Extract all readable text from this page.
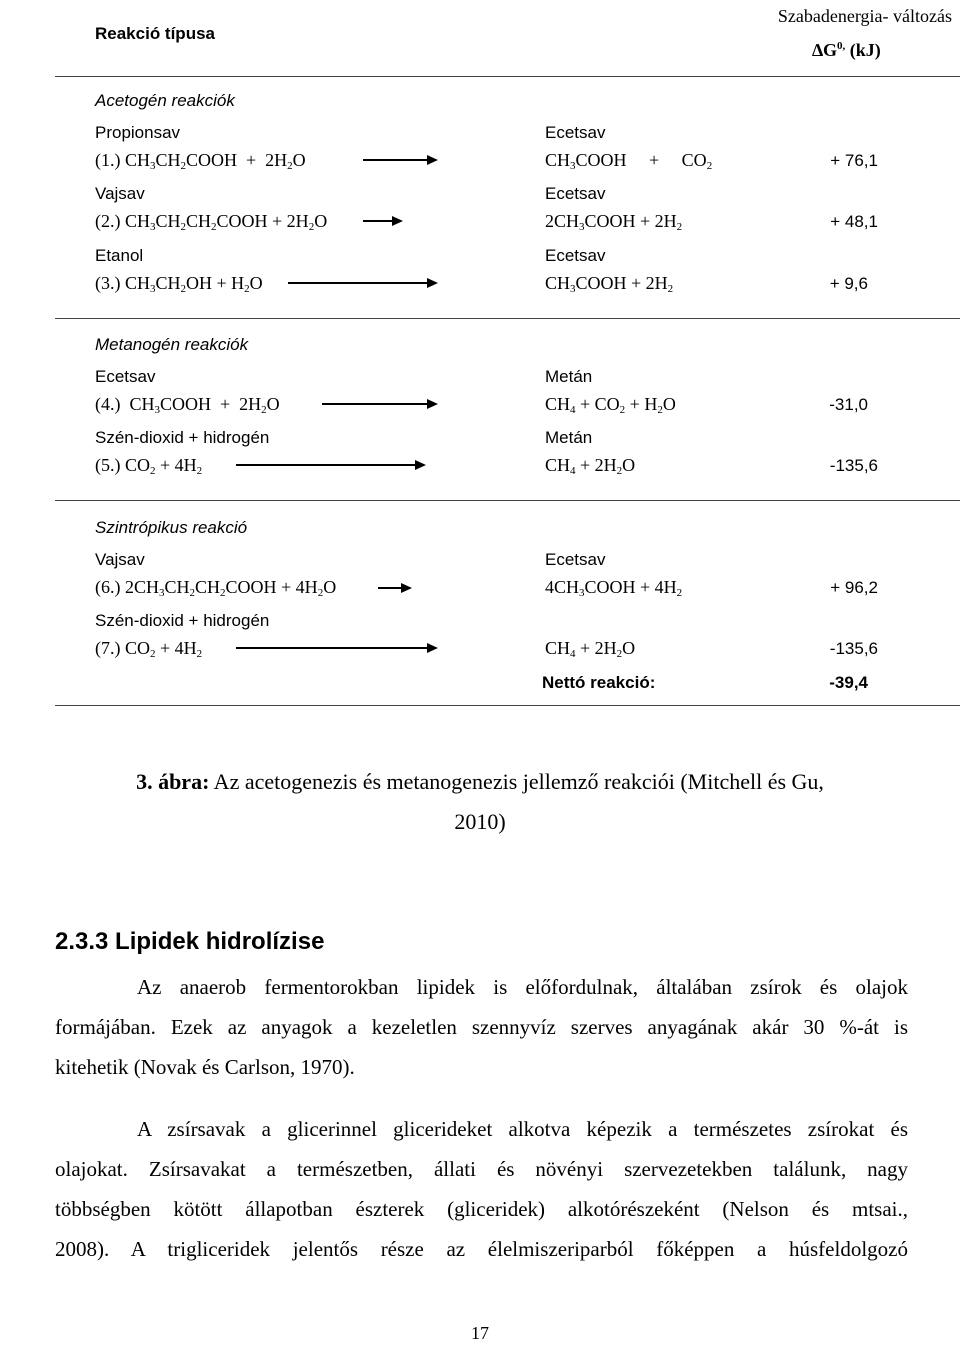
Reakció típusa
Szabadenergia- változás
$\Delta G^{0,}$ (kJ)
Acetogén reakciók
Propionsav	Ecetsav
(1.) $CH_3CH_2COOH + 2H_2O$	$CH_3COOH$     +     $CO_2$	+ 76,1
Vajsav	Ecetsav
(2.) $CH_3CH_2CH_2COOH + 2H_2O$	$2CH_3COOH + 2H_2$	+ 48,1
Etanol	Ecetsav
(3.) $CH_3CH_2OH + H_2O$	$CH_3COOH + 2H_2$	+ 9,6
Metanogén reakciók
Ecetsav	Metán
(4.)  $CH_3COOH + 2H_2O$	$CH_4 + CO_2 + H_2O$	-31,0
Szén-dioxid + hidrogén	Metán
(5.) $CO_2 + 4H_2$	$CH_4 + 2H_2O$	-135,6
Szintrópikus reakció
Vajsav	Ecetsav
(6.) $2CH_3CH_2CH_2COOH + 4H_2O$	$4CH_3COOH + 4H_2$	+ 96,2
Szén-dioxid + hidrogén
(7.) $CO_2 + 4H_2$	$CH_4 + 2H_2O$	-135,6
Nettó reakció:	-39,4
3. ábra: Az acetogenezis és metanogenezis jellemző reakciói (Mitchell és Gu,
2010)
2.3.3 Lipidek hidrolízise
Az anaerob fermentorokban lipidek is előfordulnak, általában zsírok és olajok
formájában. Ezek az anyagok a kezeletlen szennyvíz szerves anyagának akár 30 %-át is
kitehetik (Novak és Carlson, 1970).
A zsírsavak a glicerinnel glicerideket alkotva képezik a természetes zsírokat és
olajokat. Zsírsavakat a természetben, állati és növényi szervezetekben találunk, nagy
többségben kötött állapotban észterek (gliceridek) alkotórészeként (Nelson és mtsai.,
2008). A trigliceridek jelentős része az élelmiszeriparból főképpen a húsfeldolgozó
17
